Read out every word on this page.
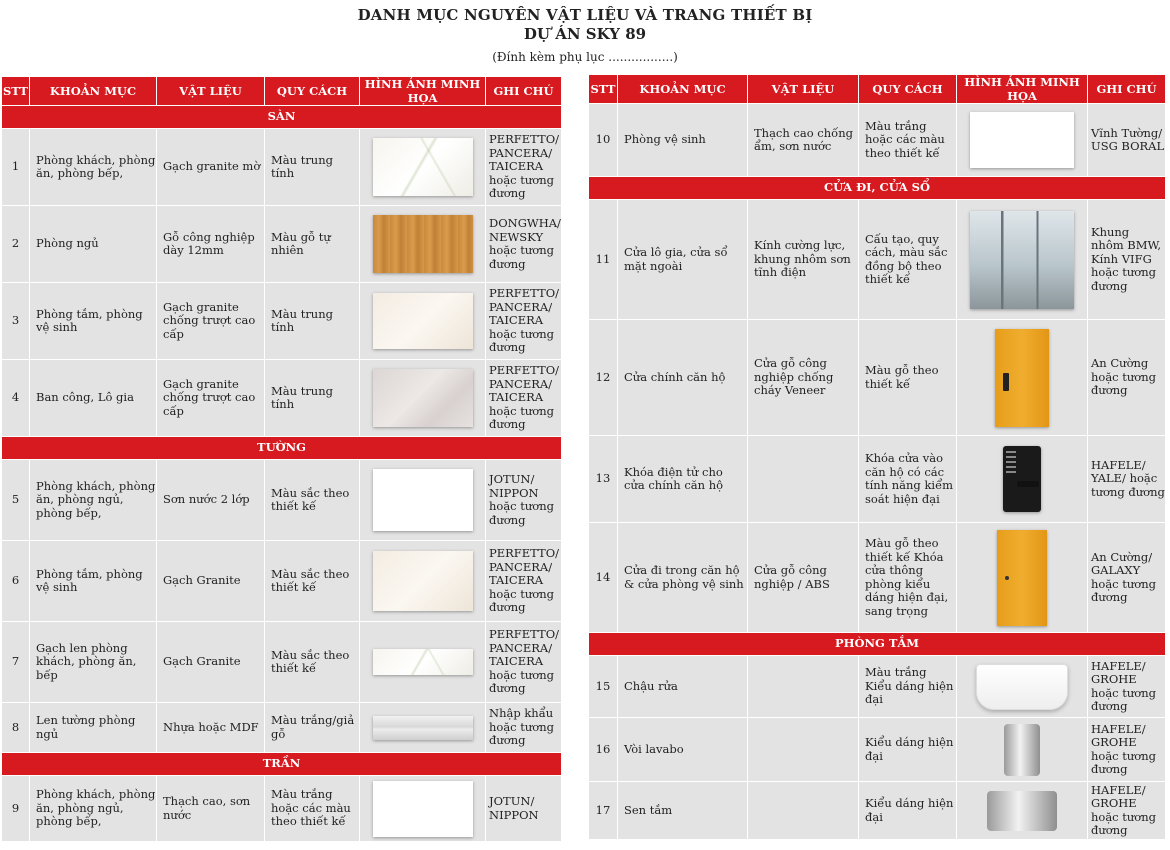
DANH MỤC NGUYÊN VẬT LIỆU VÀ TRANG THIẾT BỊ
DỰ ÁN SKY 89
(Đính kèm phụ lục .................)
STT	KHOẢN MỤC	VẬT LIỆU	QUY CÁCH	HÌNH ẢNH MINH HỌA	GHI CHÚ
SÀN					
1	Phòng khách, phòng ăn, phòng bếp,	Gạch granite mờ	Màu trung tính		PERFETTO/ PANCERA/ TAICERA hoặc tương đương
2	Phòng ngủ	Gỗ công nghiệp dày 12mm	Màu gỗ tự nhiên		DONGWHA/ NEWSKY hoặc tương đương
3	Phòng tắm, phòng vệ sinh	Gạch granite chống trượt cao cấp	Màu trung tính		PERFETTO/ PANCERA/ TAICERA hoặc tương đương
4	Ban công, Lô gia	Gạch granite chống trượt cao cấp	Màu trung tính		PERFETTO/ PANCERA/ TAICERA hoặc tương đương
TƯỜNG					
5	Phòng khách, phòng ăn, phòng ngủ, phòng bếp,	Sơn nước 2 lớp	Màu sắc theo thiết kế		JOTUN/ NIPPON hoặc tương đương
6	Phòng tắm, phòng vệ sinh	Gạch Granite	Màu sắc theo thiết kế		PERFETTO/ PANCERA/ TAICERA hoặc tương đương
7	Gạch len phòng khách, phòng ăn, bếp	Gạch Granite	Màu sắc theo thiết kế		PERFETTO/ PANCERA/ TAICERA hoặc tương đương
8	Len tường phòng ngủ	Nhựa hoặc MDF	Màu trắng/giả gỗ		Nhập khẩu hoặc tương đương
TRẦN					
9	Phòng khách, phòng ăn, phòng ngủ, phòng bếp,	Thạch cao, sơn nước	Màu trắng hoặc các màu theo thiết kế		JOTUN/ NIPPON
STT	KHOẢN MỤC	VẬT LIỆU	QUY CÁCH	HÌNH ẢNH MINH HỌA	GHI CHÚ
10	Phòng vệ sinh	Thạch cao chống ẩm, sơn nước	Màu trắng hoặc các màu theo thiết kế		Vĩnh Tường/ USG BORAL
CỬA ĐI, CỬA SỔ					
11	Cửa lô gia, cửa sổ mặt ngoài	Kính cường lực, khung nhôm sơn tĩnh điện	Cấu tạo, quy cách, màu sắc đồng bộ theo thiết kế		Khung nhôm BMW, Kính VIFG hoặc tương đương
12	Cửa chính căn hộ	Cửa gỗ công nghiệp chống cháy Veneer	Màu gỗ theo thiết kế		An Cường hoặc tương đương
13	Khóa điện tử cho cửa chính căn hộ		Khóa cửa vào căn hộ có các tính năng kiểm soát hiện đại		HAFELE/ YALE/ hoặc tương đương
14	Cửa đi trong căn hộ & cửa phòng vệ sinh	Cửa gỗ công nghiệp / ABS	Màu gỗ theo thiết kế Khóa cửa thông phòng kiểu dáng hiện đại, sang trọng		An Cường/ GALAXY hoặc tương đương
PHÒNG TẮM					
15	Chậu rửa		Màu trắng Kiểu dáng hiện đại		HAFELE/ GROHE hoặc tương đương
16	Vòi lavabo		Kiểu dáng hiện đại		HAFELE/ GROHE hoặc tương đương
17	Sen tắm		Kiểu dáng hiện đại		HAFELE/ GROHE hoặc tương đương
